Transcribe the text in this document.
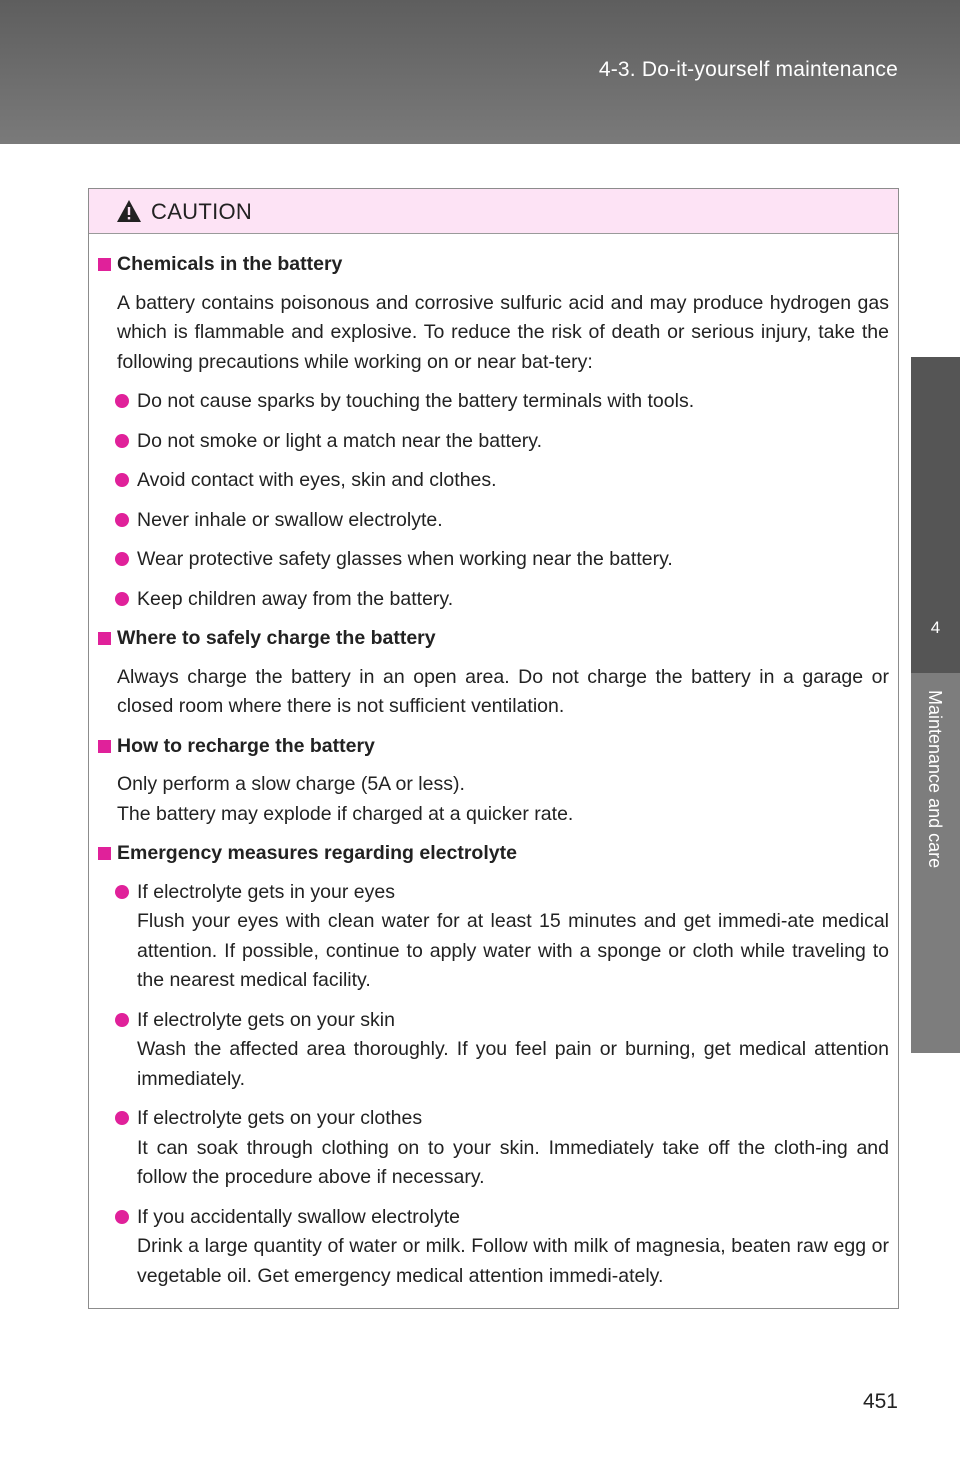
4-3. Do-it-yourself maintenance
4
Maintenance and care
CAUTION
Chemicals in the battery
A battery contains poisonous and corrosive sulfuric acid and may produce hydrogen gas which is flammable and explosive. To reduce the risk of death or serious injury, take the following precautions while working on or near bat-tery:
Do not cause sparks by touching the battery terminals with tools.
Do not smoke or light a match near the battery.
Avoid contact with eyes, skin and clothes.
Never inhale or swallow electrolyte.
Wear protective safety glasses when working near the battery.
Keep children away from the battery.
Where to safely charge the battery
Always charge the battery in an open area. Do not charge the battery in a garage or closed room where there is not sufficient ventilation.
How to recharge the battery
Only perform a slow charge (5A or less).
The battery may explode if charged at a quicker rate.
Emergency measures regarding electrolyte
If electrolyte gets in your eyes
Flush your eyes with clean water for at least 15 minutes and get immedi-ate medical attention. If possible, continue to apply water with a sponge or cloth while traveling to the nearest medical facility.
If electrolyte gets on your skin
Wash the affected area thoroughly. If you feel pain or burning, get medical attention immediately.
If electrolyte gets on your clothes
It can soak through clothing on to your skin. Immediately take off the cloth-ing and follow the procedure above if necessary.
If you accidentally swallow electrolyte
Drink a large quantity of water or milk. Follow with milk of magnesia, beaten raw egg or vegetable oil. Get emergency medical attention immedi-ately.
451
